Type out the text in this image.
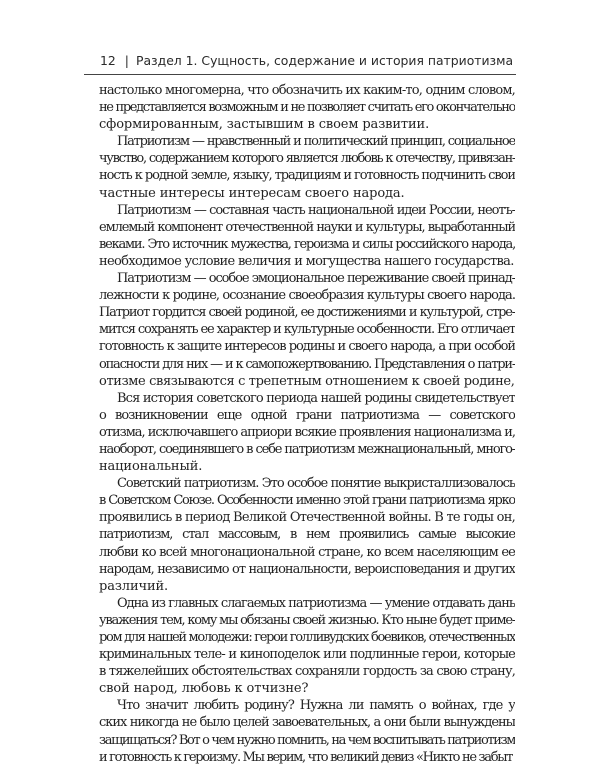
12 | Раздел 1. Сущность, содержание и история патриотизма
настолько многомерна, что обозначить их каким-то, одним словом,
не представляется возможным и не позволяет считать его окончательно
сформированным, застывшим в своем развитии.
Патриотизм — нравственный и политический принцип, социальное
чувство, содержанием которого является любовь к отечеству, привязан-
ность к родной земле, языку, традициям и готовность подчинить свои
частные интересы интересам своего народа.
Патриотизм — составная часть национальной идеи России, неотъ-
емлемый компонент отечественной науки и культуры, выработанный
веками. Это источник мужества, героизма и силы российского народа,
необходимое условие величия и могущества нашего государства.
Патриотизм — особое эмоциональное переживание своей принад-
лежности к родине, осознание своеобразия культуры своего народа.
Патриот гордится своей родиной, ее достижениями и культурой, стре-
мится сохранять ее характер и культурные особенности. Его отличает
готовность к защите интересов родины и своего народа, а при особой
опасности для них — и к самопожертвованию. Представления о патри-
отизме связываются с трепетным отношением к своей родине,
Вся история советского периода нашей родины свидетельствует
о возникновении еще одной грани патриотизма — советского
отизма, исключавшего априори всякие проявления национализма и,
наоборот, соединявшего в себе патриотизм межнациональный, много-
национальный.
Советский патриотизм. Это особое понятие выкристаллизовалось
в Советском Союзе. Особенности именно этой грани патриотизма ярко
проявились в период Великой Отечественной войны. В те годы он,
патриотизм, стал массовым, в нем проявились самые высокие
любви ко всей многонациональной стране, ко всем населяющим ее
народам, независимо от национальности, вероисповедания и других
различий.
Одна из главных слагаемых патриотизма — умение отдавать дань
уважения тем, кому мы обязаны своей жизнью. Кто ныне будет приме-
ром для нашей молодежи: герои голливудских боевиков, отечественных
криминальных теле- и киноподелок или подлинные герои, которые
в тяжелейших обстоятельствах сохраняли гордость за свою страну,
свой народ, любовь к отчизне?
Что значит любить родину? Нужна ли память о войнах, где у
ских никогда не было целей завоевательных, а они были вынуждены
защищаться? Вот о чем нужно помнить, на чем воспитывать патриотизм
и готовность к героизму. Мы верим, что великий девиз «Никто не забыт
